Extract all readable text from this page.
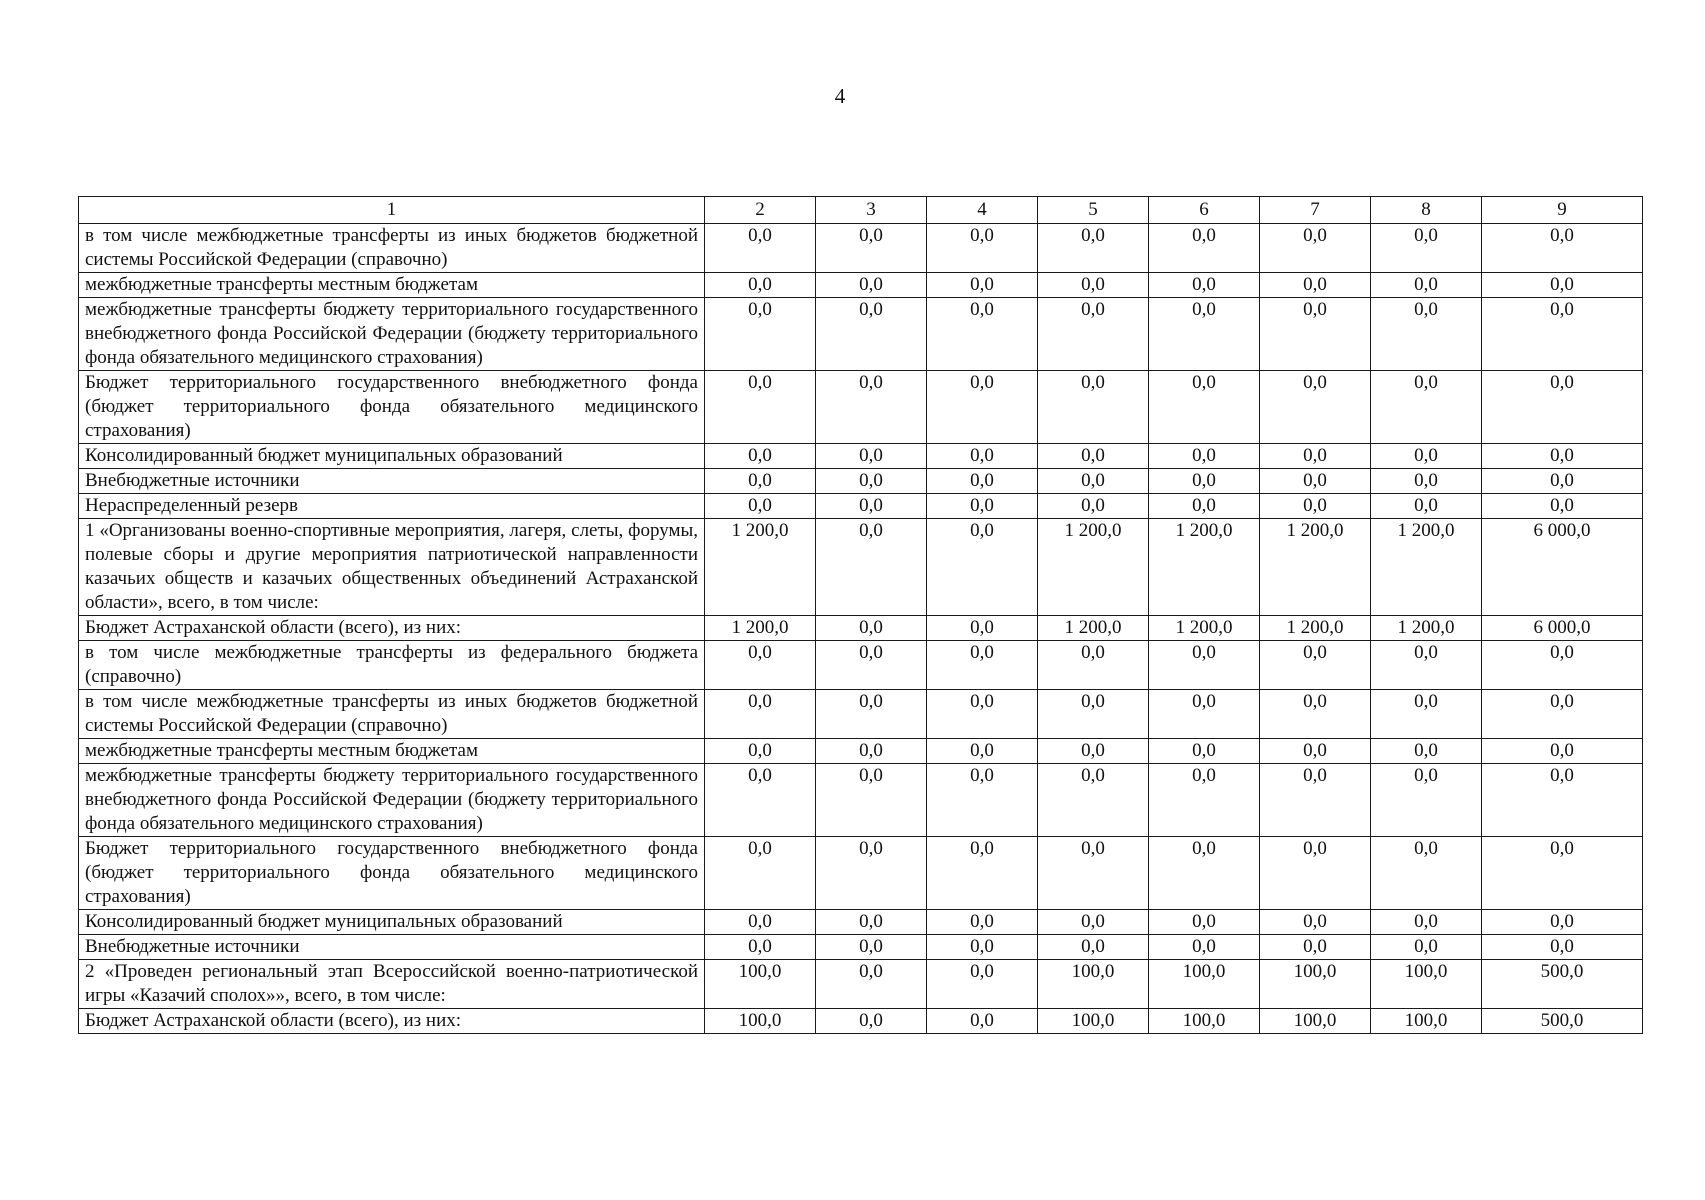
4
1	2	3	4	5	6	7	8	9
в том числе межбюджетные трансферты из иных бюджетов бюджетной системы Российской Федерации (справочно)	0,0	0,0	0,0	0,0	0,0	0,0	0,0	0,0
межбюджетные трансферты местным бюджетам	0,0	0,0	0,0	0,0	0,0	0,0	0,0	0,0
межбюджетные трансферты бюджету территориального государственного внебюджетного фонда Российской Федерации (бюджету территориального фонда обязательного медицинского страхования)	0,0	0,0	0,0	0,0	0,0	0,0	0,0	0,0
Бюджет территориального государственного внебюджетного фонда (бюджет территориального фонда обязательного медицинского страхования)	0,0	0,0	0,0	0,0	0,0	0,0	0,0	0,0
Консолидированный бюджет муниципальных образований	0,0	0,0	0,0	0,0	0,0	0,0	0,0	0,0
Внебюджетные источники	0,0	0,0	0,0	0,0	0,0	0,0	0,0	0,0
Нераспределенный резерв	0,0	0,0	0,0	0,0	0,0	0,0	0,0	0,0
1 «Организованы военно-спортивные мероприятия, лагеря, слеты, форумы, полевые сборы и другие мероприятия патриотической направленности казачьих обществ и казачьих общественных объединений Астраханской области», всего, в том числе:	1 200,0	0,0	0,0	1 200,0	1 200,0	1 200,0	1 200,0	6 000,0
Бюджет Астраханской области (всего), из них:	1 200,0	0,0	0,0	1 200,0	1 200,0	1 200,0	1 200,0	6 000,0
в том числе межбюджетные трансферты из федерального бюджета (справочно)	0,0	0,0	0,0	0,0	0,0	0,0	0,0	0,0
в том числе межбюджетные трансферты из иных бюджетов бюджетной системы Российской Федерации (справочно)	0,0	0,0	0,0	0,0	0,0	0,0	0,0	0,0
межбюджетные трансферты местным бюджетам	0,0	0,0	0,0	0,0	0,0	0,0	0,0	0,0
межбюджетные трансферты бюджету территориального государственного внебюджетного фонда Российской Федерации (бюджету территориального фонда обязательного медицинского страхования)	0,0	0,0	0,0	0,0	0,0	0,0	0,0	0,0
Бюджет территориального государственного внебюджетного фонда (бюджет территориального фонда обязательного медицинского страхования)	0,0	0,0	0,0	0,0	0,0	0,0	0,0	0,0
Консолидированный бюджет муниципальных образований	0,0	0,0	0,0	0,0	0,0	0,0	0,0	0,0
Внебюджетные источники	0,0	0,0	0,0	0,0	0,0	0,0	0,0	0,0
2 «Проведен региональный этап Всероссийской военно-патриотической игры «Казачий сполох»», всего, в том числе:	100,0	0,0	0,0	100,0	100,0	100,0	100,0	500,0
Бюджет Астраханской области (всего), из них:	100,0	0,0	0,0	100,0	100,0	100,0	100,0	500,0
